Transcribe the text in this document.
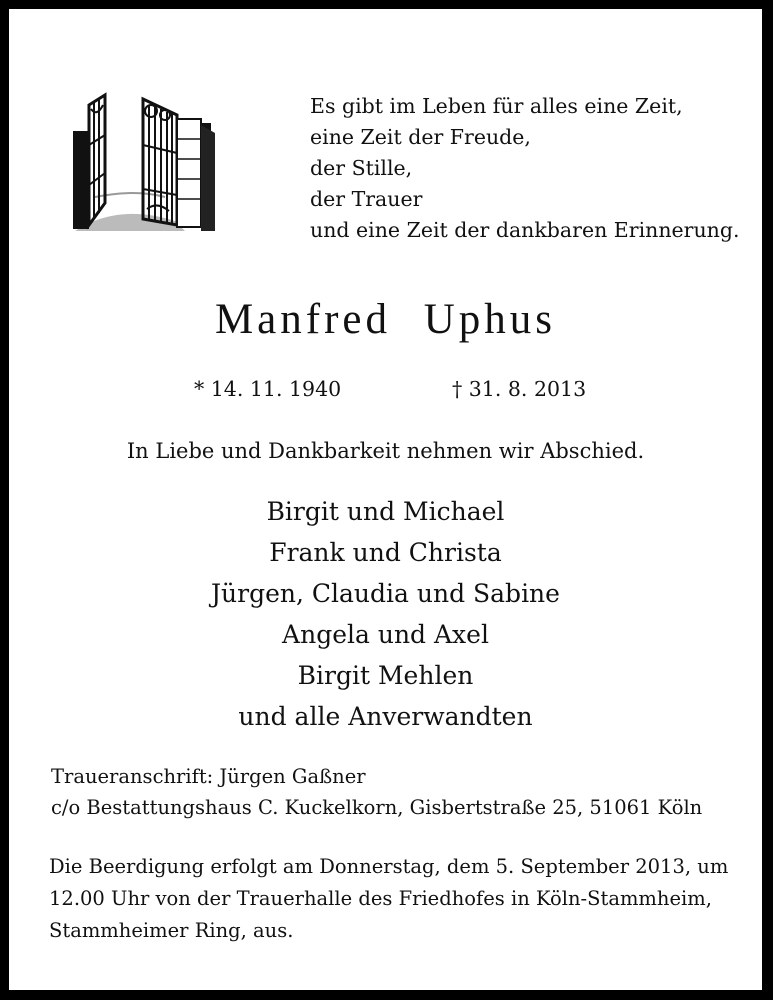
Es gibt im Leben für alles eine Zeit,
eine Zeit der Freude,
der Stille,
der Trauer
und eine Zeit der dankbaren Erinnerung.
Manfred Uphus
* 14. 11. 1940	† 31. 8. 2013
In Liebe und Dankbarkeit nehmen wir Abschied.
Birgit und Michael
Frank und Christa
Jürgen, Claudia und Sabine
Angela und Axel
Birgit Mehlen
und alle Anverwandten
Traueranschrift: Jürgen Gaßner
c/o Bestattungshaus C. Kuckelkorn, Gisbertstraße 25, 51061 Köln
Die Beerdigung erfolgt am Donnerstag, dem 5. September 2013, um
12.00 Uhr von der Trauerhalle des Friedhofes in Köln-Stammheim,
Stammheimer Ring, aus.
